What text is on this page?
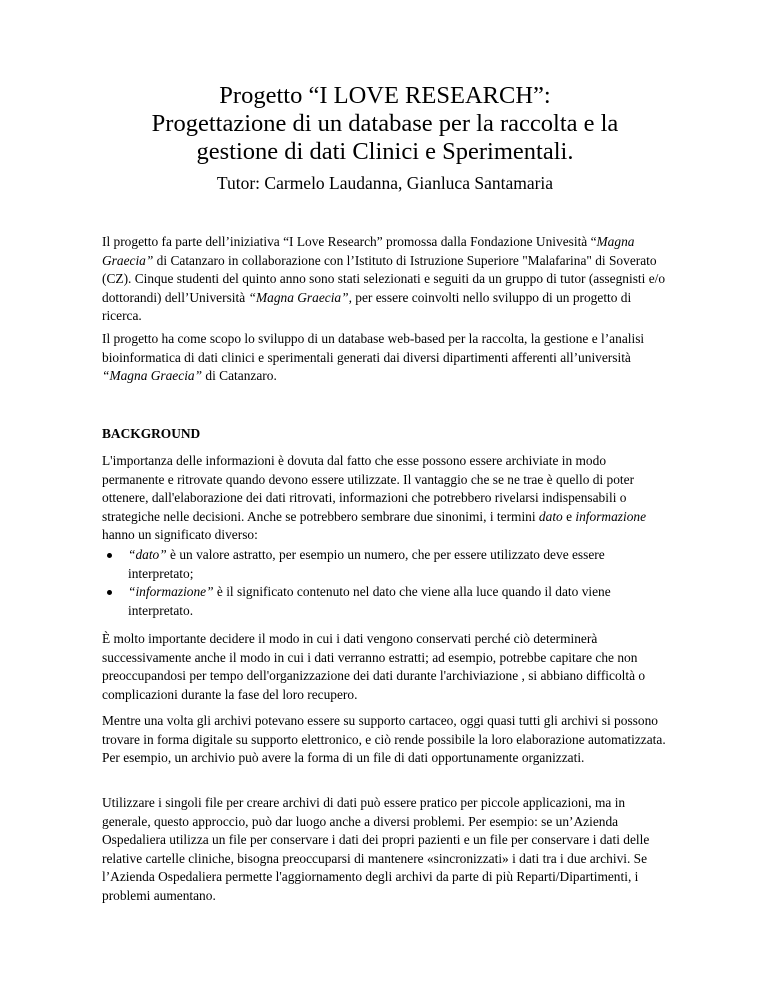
Progetto “I LOVE RESEARCH”:
Progettazione di un database per la raccolta e la
gestione di dati Clinici e Sperimentali.
Tutor: Carmelo Laudanna, Gianluca Santamaria

Il progetto fa parte dell’iniziativa “I Love Research” promossa dalla Fondazione Univesità “Magna Graecia” di Catanzaro in collaborazione con l’Istituto di Istruzione Superiore "Malafarina" di Soverato (CZ). Cinque studenti del quinto anno sono stati selezionati e seguiti da un gruppo di tutor (assegnisti e/o dottorandi) dell’Università “Magna Graecia”, per essere coinvolti nello sviluppo di un progetto di ricerca.

Il progetto ha come scopo lo sviluppo di un database web-based per la raccolta, la gestione e l’analisi bioinformatica di dati clinici e sperimentali generati dai diversi dipartimenti afferenti all’università “Magna Graecia” di Catanzaro.

BACKGROUND

L'importanza delle informazioni è dovuta dal fatto che esse possono essere archiviate in modo permanente e ritrovate quando devono essere utilizzate. Il vantaggio che se ne trae è quello di poter ottenere, dall'elaborazione dei dati ritrovati, informazioni che potrebbero rivelarsi indispensabili o strategiche nelle decisioni. Anche se potrebbero sembrare due sinonimi, i termini dato e informazione hanno un significato diverso:

“dato” è un valore astratto, per esempio un numero, che per essere utilizzato deve essere interpretato;
“informazione” è il significato contenuto nel dato che viene alla luce quando il dato viene interpretato.

È molto importante decidere il modo in cui i dati vengono conservati perché ciò determinerà successivamente anche il modo in cui i dati verranno estratti; ad esempio, potrebbe capitare che non preoccupandosi per tempo dell'organizzazione dei dati durante l'archiviazione , si abbiano difficoltà o complicazioni durante la fase del loro recupero.

Mentre una volta gli archivi potevano essere su supporto cartaceo, oggi quasi tutti gli archivi si possono trovare in forma digitale su supporto elettronico, e ciò rende possibile la loro elaborazione automatizzata. Per esempio, un archivio può avere la forma di un file di dati opportunamente organizzati.

Utilizzare i singoli file per creare archivi di dati può essere pratico per piccole applicazioni, ma in generale, questo approccio, può dar luogo anche a diversi problemi. Per esempio: se un’Azienda Ospedaliera utilizza un file per conservare i dati dei propri pazienti e un file per conservare i dati delle relative cartelle cliniche, bisogna preoccuparsi di mantenere «sincronizzati» i dati tra i due archivi. Se l’Azienda Ospedaliera permette l'aggiornamento degli archivi da parte di più Reparti/Dipartimenti, i problemi aumentano.
